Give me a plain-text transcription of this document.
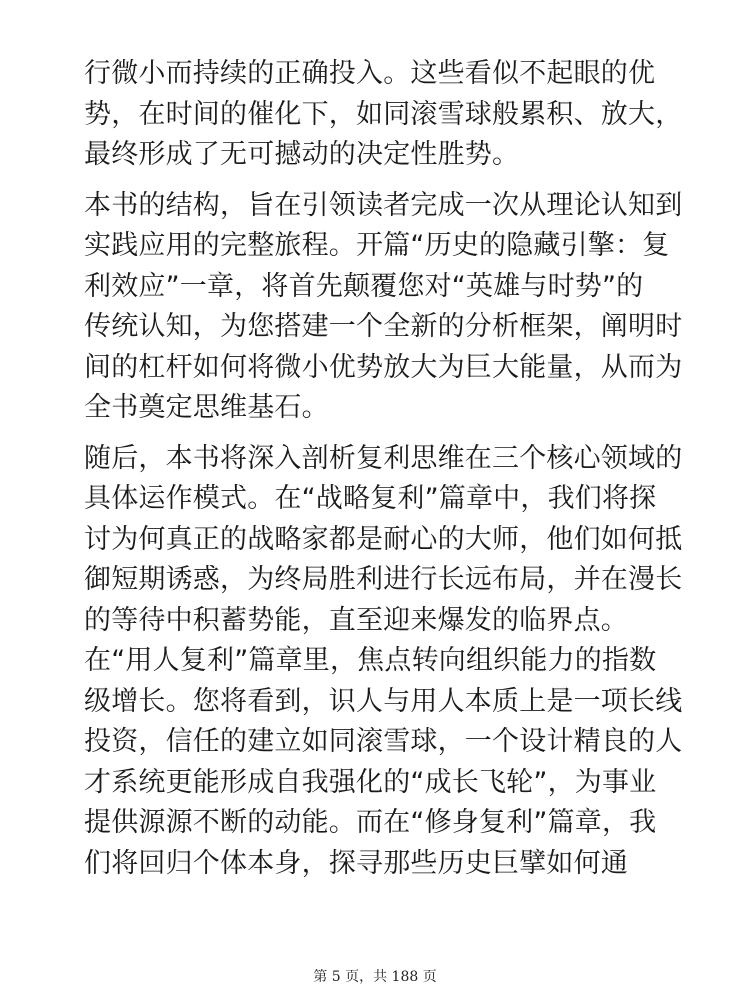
行微小而持续的正确投入。这些看似不起眼的优
势，在时间的催化下，如同滚雪球般累积、放大，
最终形成了无可撼动的决定性胜势。

本书的结构，旨在引领读者完成一次从理论认知到
实践应用的完整旅程。开篇“历史的隐藏引擎：复
利效应”一章，将首先颠覆您对“英雄与时势”的
传统认知，为您搭建一个全新的分析框架，阐明时
间的杠杆如何将微小优势放大为巨大能量，从而为
全书奠定思维基石。

随后，本书将深入剖析复利思维在三个核心领域的
具体运作模式。在“战略复利”篇章中，我们将探
讨为何真正的战略家都是耐心的大师，他们如何抵
御短期诱惑，为终局胜利进行长远布局，并在漫长
的等待中积蓄势能，直至迎来爆发的临界点。

在“用人复利”篇章里，焦点转向组织能力的指数
级增长。您将看到，识人与用人本质上是一项长线
投资，信任的建立如同滚雪球，一个设计精良的人
才系统更能形成自我强化的“成长飞轮”，为事业
提供源源不断的动能。而在“修身复利”篇章，我
们将回归个体本身，探寻那些历史巨擘如何通

第 5 页，共 188 页
